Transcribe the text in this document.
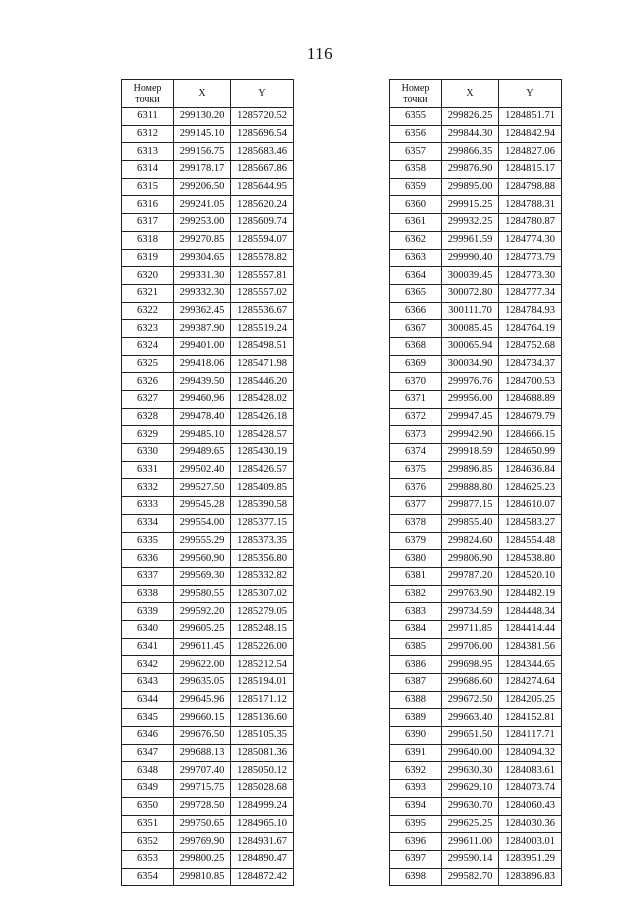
116
Номер
точки	X	Y
6311	299130.20	1285720.52
6312	299145.10	1285696.54
6313	299156.75	1285683.46
6314	299178.17	1285667.86
6315	299206.50	1285644.95
6316	299241.05	1285620.24
6317	299253.00	1285609.74
6318	299270.85	1285594.07
6319	299304.65	1285578.82
6320	299331.30	1285557.81
6321	299332.30	1285557.02
6322	299362.45	1285536.67
6323	299387.90	1285519.24
6324	299401.00	1285498.51
6325	299418.06	1285471.98
6326	299439.50	1285446.20
6327	299460.96	1285428.02
6328	299478.40	1285426.18
6329	299485.10	1285428.57
6330	299489.65	1285430.19
6331	299502.40	1285426.57
6332	299527.50	1285409.85
6333	299545.28	1285390.58
6334	299554.00	1285377.15
6335	299555.29	1285373.35
6336	299560.90	1285356.80
6337	299569.30	1285332.82
6338	299580.55	1285307.02
6339	299592.20	1285279.05
6340	299605.25	1285248.15
6341	299611.45	1285226.00
6342	299622.00	1285212.54
6343	299635.05	1285194.01
6344	299645.96	1285171.12
6345	299660.15	1285136.60
6346	299676.50	1285105.35
6347	299688.13	1285081.36
6348	299707.40	1285050.12
6349	299715.75	1285028.68
6350	299728.50	1284999.24
6351	299750.65	1284965.10
6352	299769.90	1284931.67
6353	299800.25	1284890.47
6354	299810.85	1284872.42
Номер
точки	X	Y
6355	299826.25	1284851.71
6356	299844.30	1284842.94
6357	299866.35	1284827.06
6358	299876.90	1284815.17
6359	299895.00	1284798.88
6360	299915.25	1284788.31
6361	299932.25	1284780.87
6362	299961.59	1284774.30
6363	299990.40	1284773.79
6364	300039.45	1284773.30
6365	300072.80	1284777.34
6366	300111.70	1284784.93
6367	300085.45	1284764.19
6368	300065.94	1284752.68
6369	300034.90	1284734.37
6370	299976.76	1284700.53
6371	299956.00	1284688.89
6372	299947.45	1284679.79
6373	299942.90	1284666.15
6374	299918.59	1284650.99
6375	299896.85	1284636.84
6376	299888.80	1284625.23
6377	299877.15	1284610.07
6378	299855.40	1284583.27
6379	299824.60	1284554.48
6380	299806.90	1284538.80
6381	299787.20	1284520.10
6382	299763.90	1284482.19
6383	299734.59	1284448.34
6384	299711.85	1284414.44
6385	299706.00	1284381.56
6386	299698.95	1284344.65
6387	299686.60	1284274.64
6388	299672.50	1284205.25
6389	299663.40	1284152.81
6390	299651.50	1284117.71
6391	299640.00	1284094.32
6392	299630.30	1284083.61
6393	299629.10	1284073.74
6394	299630.70	1284060.43
6395	299625.25	1284030.36
6396	299611.00	1284003.01
6397	299590.14	1283951.29
6398	299582.70	1283896.83
